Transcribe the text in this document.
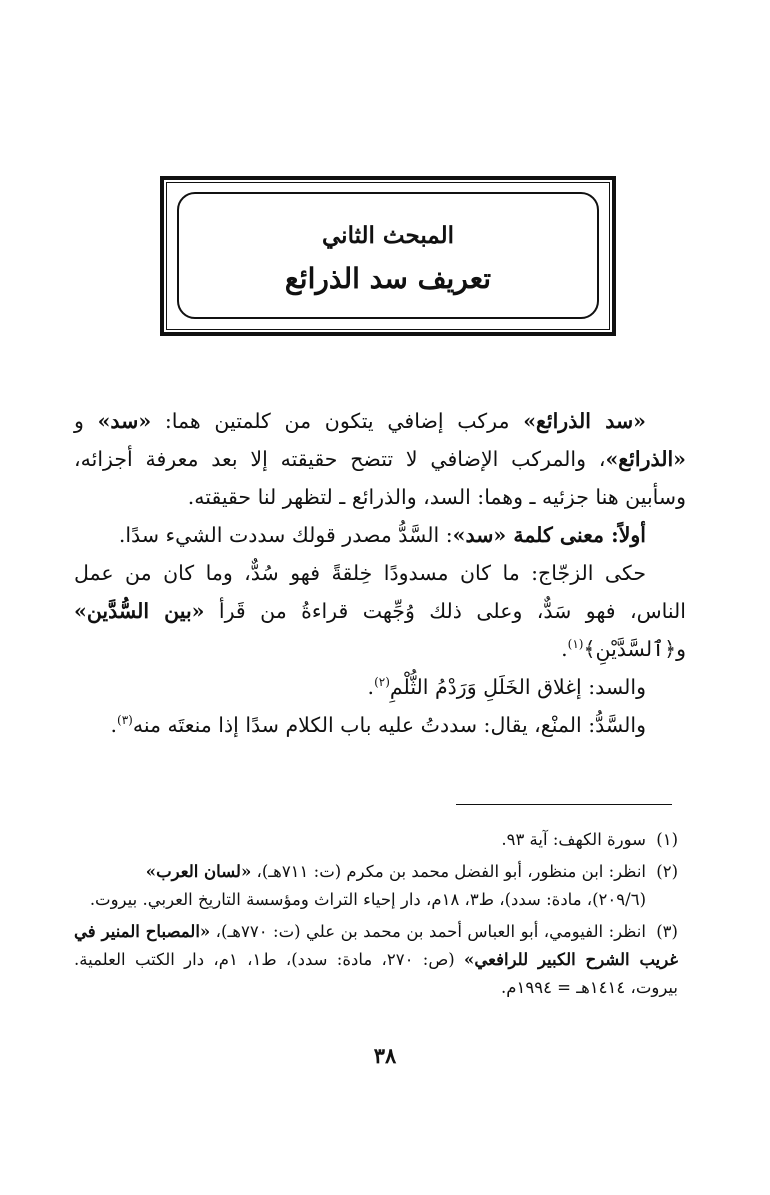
المبحث الثاني
تعريف سد الذرائع

«سد الذرائع» مركب إضافي يتكون من كلمتين هما: «سد» و «الذرائع»، والمركب الإضافي لا تتضح حقيقته إلا بعد معرفة أجزائه، وسأبين هنا جزئيه ـ وهما: السد، والذرائع ـ لتظهر لنا حقيقته.

أولاً: معنى كلمة «سد»: السَّدُّ مصدر قولك سددت الشيء سدًا.

حكى الزجّاج: ما كان مسدودًا خِلقةً فهو سُدٌّ، وما كان من عمل الناس، فهو سَدٌّ، وعلى ذلك وُجِّهت قراءةُ من قَرأ «بين السُّدَّين» و﴿ٱلسَّدَّيْنِ﴾$^{(١)}$.

والسد: إغلاق الخَلَلِ وَرَدْمُ الثُّلْمِ$^{(٢)}$.

والسَّدُّ: المنْع، يقال: سددتُ عليه باب الكلام سدًا إذا منعتَه منه$^{(٣)}$.

(١)سورة الكهف: آية ٩٣.
(٢)انظر: ابن منظور، أبو الفضل محمد بن مكرم (ت: ٧١١هـ)، «لسان العرب»
(٢٠٩/٦)، مادة: سدد)، ط٣، ١٨م، دار إحياء التراث ومؤسسة التاريخ العربي. بيروت.
(٣)انظر: الفيومي، أبو العباس أحمد بن محمد بن علي (ت: ٧٧٠هـ)، «المصباح المنير في غريب الشرح الكبير للرافعي» (ص: ٢٧٠، مادة: سدد)، ط١، ١م، دار الكتب العلمية. بيروت، ١٤١٤هـ = ١٩٩٤م.
٣٨
